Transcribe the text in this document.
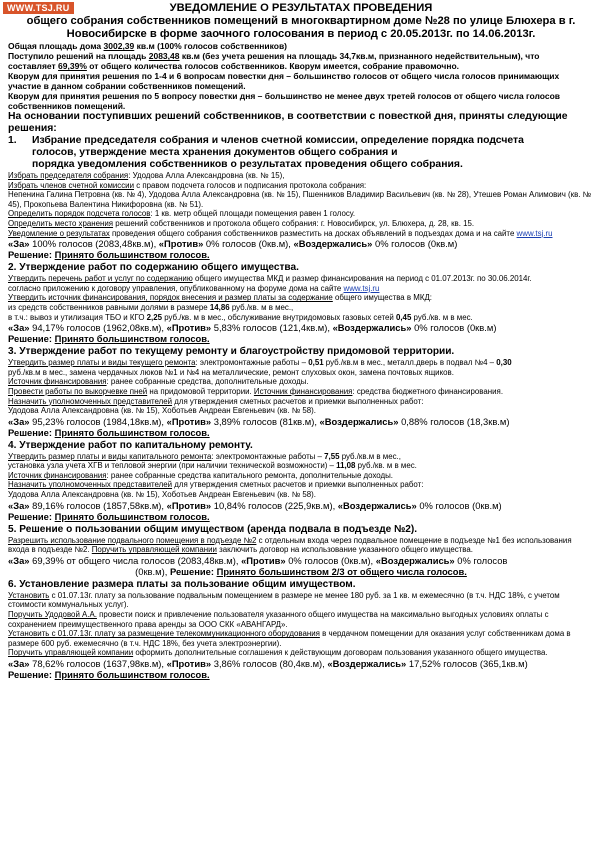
WWW.TSJ.RU	УВЕДОМЛЕНИЕ О РЕЗУЛЬТАТАХ ПРОВЕДЕНИЯ
общего собрания собственников помещений в многоквартирном доме №28 по улице Блюхера в г.
Новосибирске в форме заочного голосования в период с 20.05.2013г. по 14.06.2013г.

Общая площадь дома 3002,39 кв.м (100% голосов собственников)

Поступило решений на площадь 2083,48 кв.м (без учета решения на площадь 34,7кв.м, признанного недействительным), что
составляет 69,39% от общего количества голосов собственников. Кворум имеется, собрание правомочно.

Кворум для принятия решения по 1-4 и 6 вопросам повестки дня – большинство голосов от общего числа голосов принимающих участие в данном собрании собственников помещений.

Кворум для принятия решения по 5 вопросу повестки дня – большинство не менее двух третей голосов от общего числа голосов собственников помещений.

На основании поступивших решений собственников, в соответствии с повесткой дня, приняты следующие решения:

1. Избрание председателя собрания и членов счетной комиссии, определение порядка подсчета
голосов, утверждение места хранения документов общего собрания и
порядка уведомления собственников о результатах проведения общего собрания.

Избрать председателя собрания: Удодова Алла Александровна (кв. № 15),

Избрать членов счетной комиссии с правом подсчета голосов и подписания протокола собрания:

Непенина Галина Петровна (кв. № 4), Удодова Алла Александровна (кв. № 15), Пшенников Владимир Васильевич (кв. № 28), Утешев Роман Алимович (кв. № 45), Прокопьева Валентина Никифоровна (кв. № 51).

Определить порядок подсчета голосов: 1 кв. метр общей площади помещения равен 1 голосу.

Определить место хранения решений собственников и протокола общего собрания: г. Новосибирск, ул. Блюхера, д. 28, кв. 15.

Уведомление о результатах проведения общего собрания собственников разместить на досках объявлений в подъездах дома и на сайте www.tsj.ru

«За» 100% голосов (2083,48кв.м), «Против» 0% голосов (0кв.м), «Воздержались» 0% голосов (0кв.м)

Решение: Принято большинством голосов.

2. Утверждение работ по содержанию общего имущества.

Утвердить перечень работ и услуг по содержанию общего имущества МКД и размер финансирования на период с 01.07.2013г. по 30.06.2014г.

согласно приложению к договору управления, опубликованному на форуме дома на сайте www.tsj.ru

Утвердить источник финансирования, порядок внесения и размер платы за содержание общего имущества в МКД:

из средств собственников равными долями в размере 14,86 руб./кв. м в мес.,

в т.ч.: вывоз и утилизация ТБО и КГО 2,25 руб./кв. м в мес., обслуживание внутридомовых газовых сетей 0,45 руб./кв. м в мес.

«За» 94,17% голосов (1962,08кв.м), «Против» 5,83% голосов (121,4кв.м), «Воздержались» 0% голосов (0кв.м)

Решение: Принято большинством голосов.

3. Утверждение работ по текущему ремонту и благоустройству придомовой территории.

Утвердить размер платы и виды текущего ремонта: электромонтажные работы – 0,51 руб./кв.м в мес., металл.дверь в подвал №4 – 0,30

руб./кв.м в мес., замена чердачных люков №1 и №4 на металлические, ремонт слуховых окон, замена почтовых ящиков.

Источник финансирования: ранее собранные средства, дополнительные доходы.

Провести работы по выкорчевке пней на придомовой территории. Источник финансирования: средства бюджетного финансирования.

Назначить уполномоченных представителей для утверждения сметных расчетов и приемки выполненных работ:

Удодова Алла Александровна (кв. № 15), Хоботьев Андреан Евгеньевич (кв. № 58).

«За» 95,23% голосов (1984,18кв.м), «Против» 3,89% голосов (81кв.м), «Воздержались» 0,88% голосов (18,3кв.м)

Решение: Принято большинством голосов.

4. Утверждение работ по капитальному ремонту.

Утвердить размер платы и виды капитального ремонта: электромонтажные работы – 7,55 руб./кв.м в мес.,

установка узла учета ХГВ и тепловой энергии (при наличии технической возможности) – 11,08 руб./кв. м в мес.

Источник финансирования: ранее собранные средства капитального ремонта, дополнительные доходы.

Назначить уполномоченных представителей для утверждения сметных расчетов и приемки выполненных работ:

Удодова Алла Александровна (кв. № 15), Хоботьев Андреан Евгеньевич (кв. № 58).

«За» 89,16% голосов (1857,58кв.м), «Против» 10,84% голосов (225,9кв.м), «Воздержались» 0% голосов (0кв.м)

Решение: Принято большинством голосов.

5. Решение о пользовании общим имуществом (аренда подвала в подъезде №2).

Разрешить использование подвального помещения в подъезде №2 с отдельным входа через подвальное помещение в подъезде №1 без использования входа в подъезде №2. Поручить управляющей компании заключить договор на использование указанного общего имущества.

«За» 69,39% от общего числа голосов (2083,48кв.м), «Против» 0% голосов (0кв.м), «Воздержались» 0% голосов

(0кв.м), Решение: Принято большинством 2/3 от общего числа голосов.

6. Установление размера платы за пользование общим имуществом.

Установить с 01.07.13г. плату за пользование подвальным помещением в размере не менее 180 руб. за 1 кв. м ежемесячно (в т.ч. НДС 18%, с учетом стоимости коммунальных услуг).

Поручить Удодовой А.А. провести поиск и привлечение пользователя указанного общего имущества на максимально выгодных условиях оплаты с сохранением преимущественного права аренды за ООО СКК «АВАНГАРД».

Установить с 01.07.13г. плату за размещение телекоммуникационного оборудования в чердачном помещении для оказания услуг собственникам дома в размере 600 руб. ежемесячно (в т.ч. НДС 18%, без учета электроэнергии).

Поручить управляющей компании оформить дополнительные соглашения к действующим договорам пользования указанного общего имущества.

«За» 78,62% голосов (1637,98кв.м), «Против» 3,86% голосов (80,4кв.м), «Воздержались» 17,52% голосов (365,1кв.м)

Решение: Принято большинством голосов.
